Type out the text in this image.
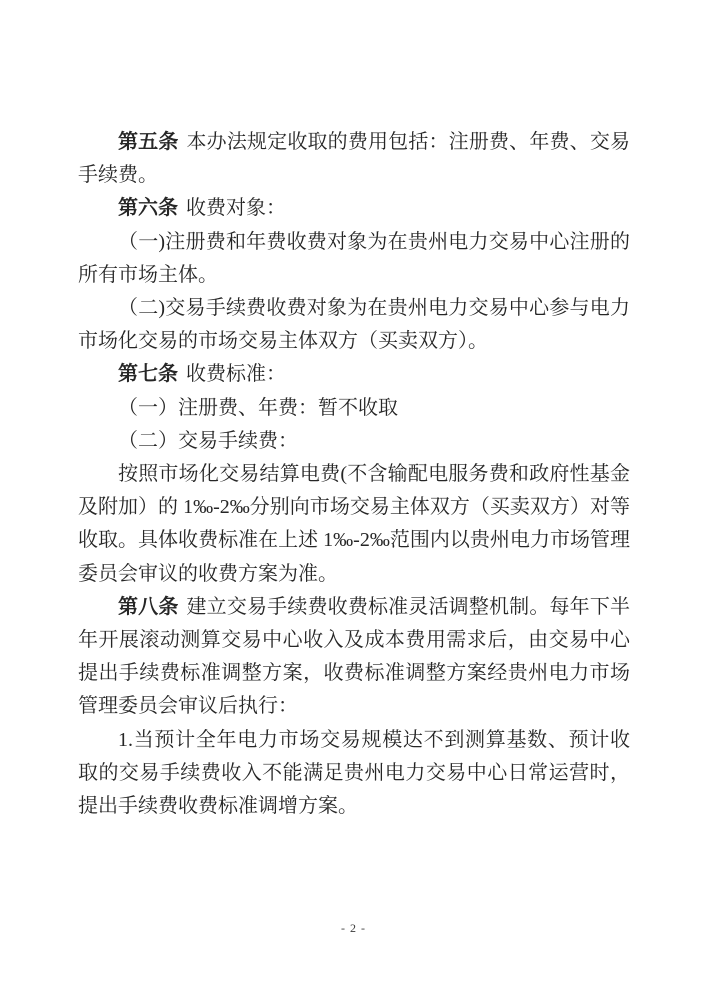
第五条 本办法规定收取的费用包括：注册费、年费、交易手续费。

第六条 收费对象：

（一)注册费和年费收费对象为在贵州电力交易中心注册的所有市场主体。

（二)交易手续费收费对象为在贵州电力交易中心参与电力市场化交易的市场交易主体双方（买卖双方）。

第七条 收费标准：

（一）注册费、年费：暂不收取

（二）交易手续费：

按照市场化交易结算电费(不含输配电服务费和政府性基金及附加）的 1‰-2‰分别向市场交易主体双方（买卖双方）对等收取。具体收费标准在上述 1‰-2‰范围内以贵州电力市场管理委员会审议的收费方案为准。

第八条 建立交易手续费收费标准灵活调整机制。每年下半年开展滚动测算交易中心收入及成本费用需求后，由交易中心提出手续费标准调整方案，收费标准调整方案经贵州电力市场管理委员会审议后执行：

1.当预计全年电力市场交易规模达不到测算基数、预计收取的交易手续费收入不能满足贵州电力交易中心日常运营时，提出手续费收费标准调增方案。

- 2 -
